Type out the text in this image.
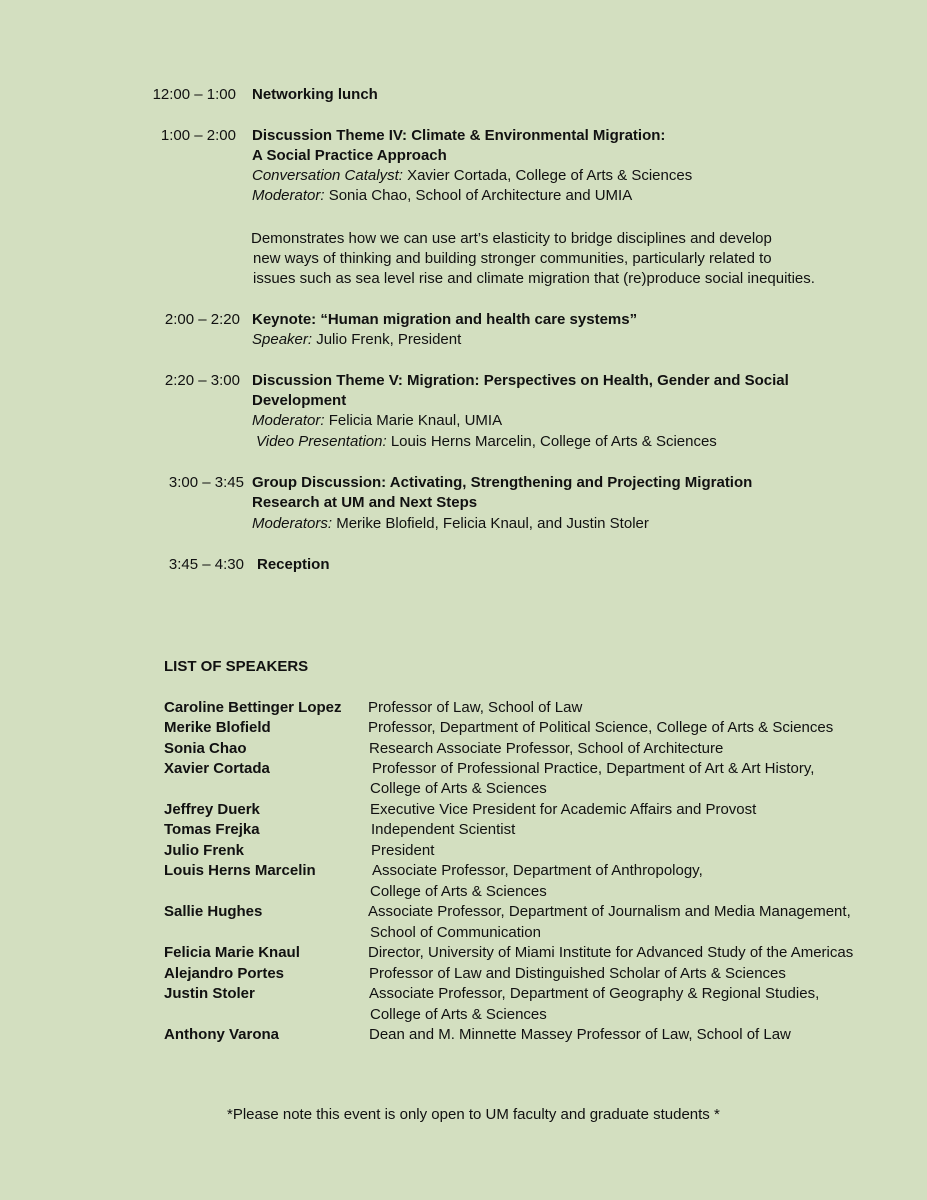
12:00 – 1:00 Networking lunch
1:00 – 2:00 Discussion Theme IV: Climate & Environmental Migration:
A Social Practice Approach
Conversation Catalyst: Xavier Cortada, College of Arts & Sciences
Moderator: Sonia Chao, School of Architecture and UMIA
Demonstrates how we can use art’s elasticity to bridge disciplines and develop
new ways of thinking and building stronger communities, particularly related to
issues such as sea level rise and climate migration that (re)produce social inequities.
2:00 – 2:20 Keynote: “Human migration and health care systems”
Speaker: Julio Frenk, President
2:20 – 3:00 Discussion Theme V: Migration: Perspectives on Health, Gender and Social
Development
Moderator: Felicia Marie Knaul, UMIA
Video Presentation: Louis Herns Marcelin, College of Arts & Sciences
3:00 – 3:45 Group Discussion: Activating, Strengthening and Projecting Migration
Research at UM and Next Steps
Moderators: Merike Blofield, Felicia Knaul, and Justin Stoler
3:45 – 4:30 Reception
LIST OF SPEAKERS
Caroline Bettinger Lopez Professor of Law, School of Law
Merike Blofield	Professor, Department of Political Science, College of Arts & Sciences
Sonia Chao	Research Associate Professor, School of Architecture
Xavier Cortada	Professor of Professional Practice, Department of Art & Art History,
College of Arts & Sciences
Jeffrey Duerk	Executive Vice President for Academic Affairs and Provost
Tomas Frejka	Independent Scientist
Julio Frenk	President
Louis Herns Marcelin	Associate Professor, Department of Anthropology,
College of Arts & Sciences
Sallie Hughes	Associate Professor, Department of Journalism and Media Management,
School of Communication
Felicia Marie Knaul	Director, University of Miami Institute for Advanced Study of the Americas
Alejandro Portes	Professor of Law and Distinguished Scholar of Arts & Sciences
Justin Stoler	Associate Professor, Department of Geography & Regional Studies,
College of Arts & Sciences
Anthony Varona	Dean and M. Minnette Massey Professor of Law, School of Law
*Please note this event is only open to UM faculty and graduate students *
